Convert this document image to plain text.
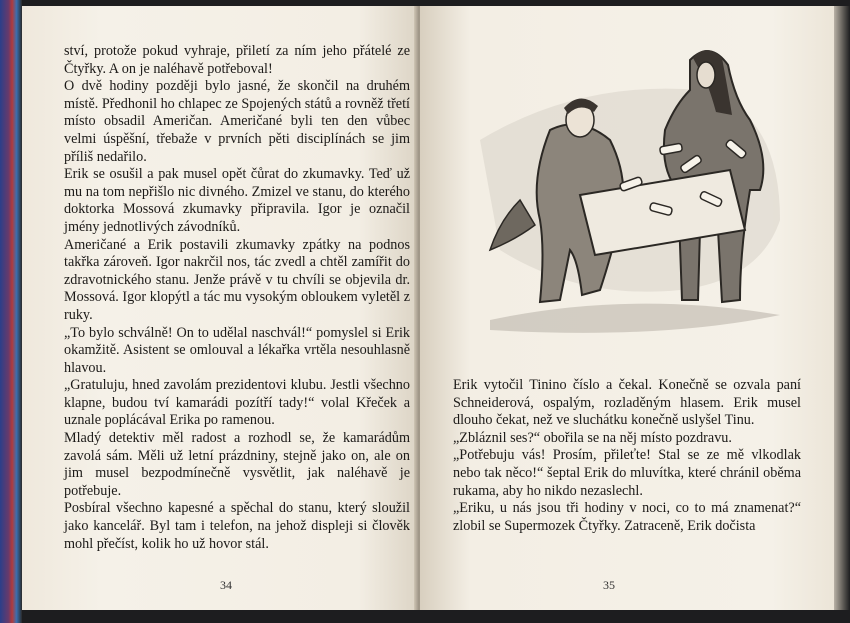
ství, protože pokud vyhraje, přiletí za ním jeho přátelé ze Čtyřky. A on je naléhavě potřeboval!

O dvě hodiny později bylo jasné, že skončil na druhém místě. Předhonil ho chlapec ze Spojených států a rovněž třetí místo obsadil Američan. Američané byli ten den vůbec velmi úspěšní, třebaže v prvních pěti disciplínách se jim příliš nedařilo.

Erik se osušil a pak musel opět čůrat do zkumavky. Teď už mu na tom nepřišlo nic divného. Zmizel ve stanu, do kterého doktorka Mossová zkumavky připravila. Igor je označil jmény jednotlivých závodníků.

Američané a Erik postavili zkumavky zpátky na podnos takřka zároveň. Igor nakrčil nos, tác zvedl a chtěl zamířit do zdravotnického stanu. Jenže právě v tu chvíli se objevila dr. Mossová. Igor klopýtl a tác mu vysokým obloukem vyletěl z ruky.

„To bylo schválně! On to udělal naschvál!“ pomyslel si Erik okamžitě. Asistent se omlouval a lékařka vrtěla nesouhlasně hlavou.

„Gratuluju, hned zavolám prezidentovi klubu. Jestli všechno klapne, budou tví kamarádi pozítří tady!“ volal Křeček a uznale poplácával Erika po ramenou.

Mladý detektiv měl radost a rozhodl se, že kamarádům zavolá sám. Měli už letní prázdniny, stejně jako on, ale on jim musel bezpodmínečně vysvětlit, jak naléhavě je potřebuje.

Posbíral všechno kapesné a spěchal do stanu, který sloužil jako kancelář. Byl tam i telefon, na jehož displeji si člověk mohl přečíst, kolik ho už hovor stál.

34

Erik vytočil Tinino číslo a čekal. Konečně se ozvala paní Schneiderová, ospalým, rozladěným hlasem. Erik musel dlouho čekat, než ve sluchátku konečně uslyšel Tinu.

„Zbláznil ses?“ obořila se na něj místo pozdravu.

„Potřebuju vás! Prosím, přileťte! Stal se ze mě vlkodlak nebo tak něco!“ šeptal Erik do mluvítka, které chránil oběma rukama, aby ho nikdo nezaslechl.

„Eriku, u nás jsou tři hodiny v noci, co to má znamenat?“ zlobil se Supermozek Čtyřky. Zatraceně, Erik dočista

35
